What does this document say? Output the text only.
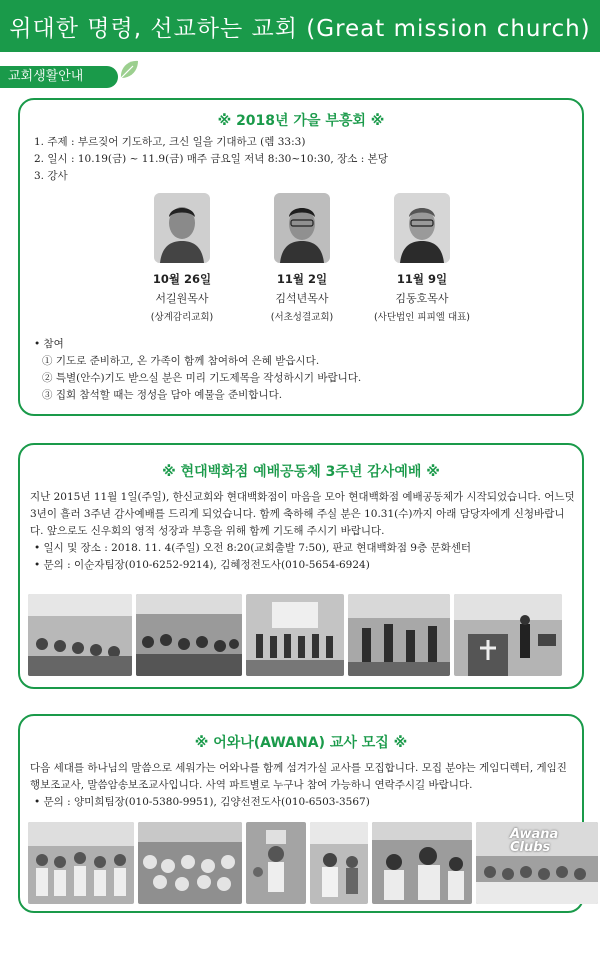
위대한 명령, 선교하는 교회 (Great mission church)
교회생활안내
※ 2018년 가을 부흥회 ※
1. 주제 : 부르짖어 기도하고, 크신 일을 기대하고 (렘 33:3)
2. 일시 : 10.19(금) ~ 11.9(금) 매주 금요일 저녁 8:30~10:30, 장소 : 본당
3. 강사
10월 26일
서길원목사
(상계감리교회)
11월 2일
김석년목사
(서초성결교회)
11월 9일
김동호목사
(사단법인 피피엘 대표)
• 참여
① 기도로 준비하고, 온 가족이 함께 참여하여 은혜 받읍시다.
② 특별(안수)기도 받으실 분은 미리 기도제목을 작성하시기 바랍니다.
③ 집회 참석할 때는 정성을 담아 예물을 준비합니다.
※ 현대백화점 예배공동체 3주년 감사예배 ※
지난 2015년 11월 1일(주일), 한신교회와 현대백화점이 마음을 모아 현대백화점 예배공동체가 시작되었습니다. 어느덧 3년이 흘러 3주년 감사예배를 드리게 되었습니다. 함께 축하해 주실 분은 10.31(수)까지 아래 담당자에게 신청바랍니다. 앞으로도 신우회의 영적 성장과 부흥을 위해 함께 기도해 주시기 바랍니다.
• 일시 및 장소 : 2018. 11. 4(주일) 오전 8:20(교회출발 7:50), 판교 현대백화점 9층 문화센터
• 문의 : 이순자팀장(010-6252-9214), 김혜정전도사(010-5654-6924)
※ 어와나(AWANA) 교사 모집 ※
다음 세대를 하나님의 말씀으로 세워가는 어와나를 함께 섬겨가실 교사를 모집합니다. 모집 분야는 게임디렉터, 게임진행보조교사, 말씀암송보조교사입니다. 사역 파트별로 누구나 참여 가능하니 연락주시길 바랍니다.
• 문의 : 양미희팀장(010-5380-9951), 김양선전도사(010-6503-3567)
Awana Clubs
